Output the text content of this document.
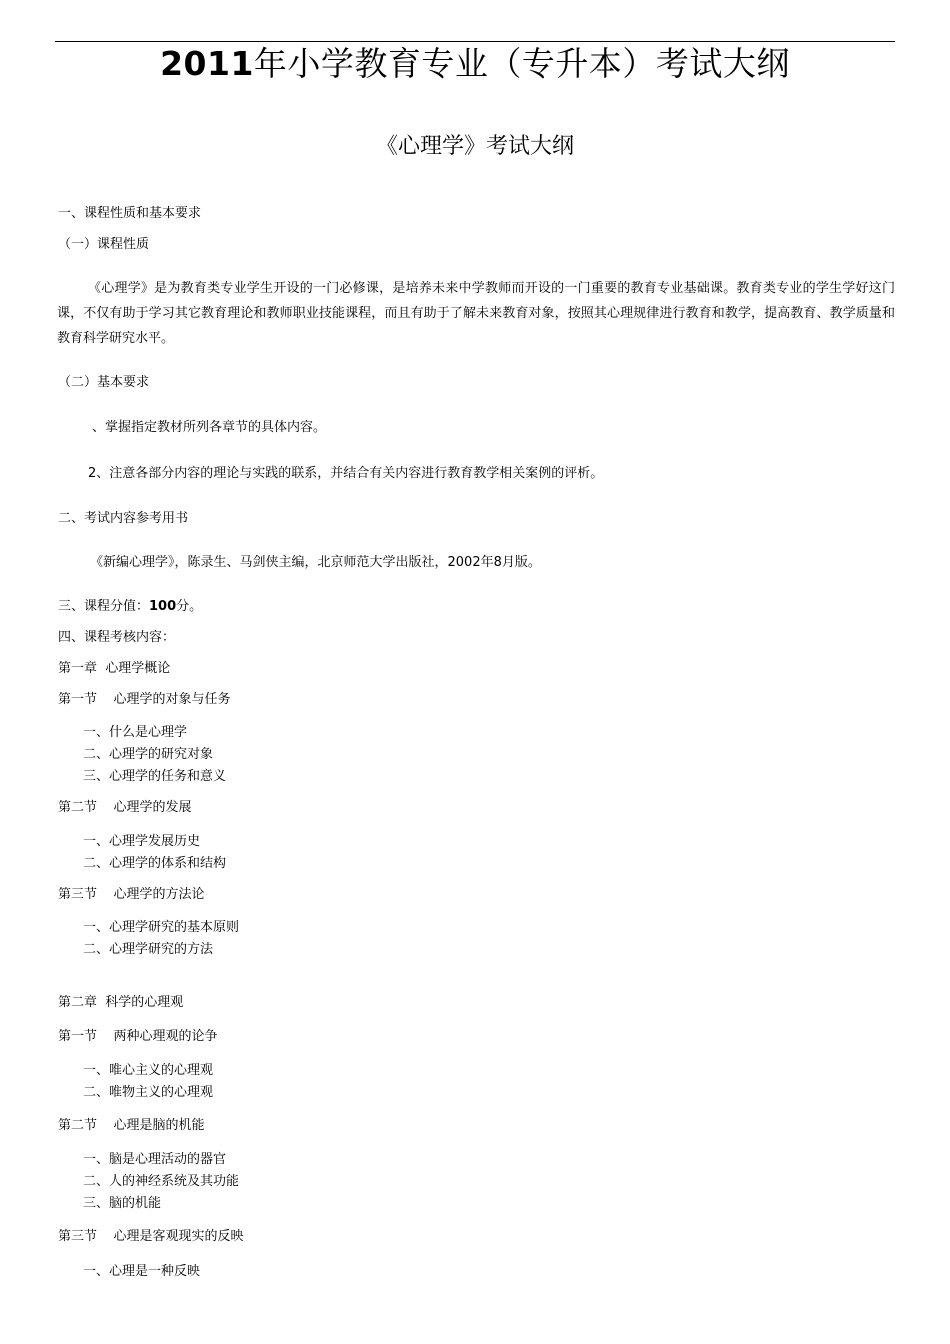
2011年小学教育专业（专升本）考试大纲
《心理学》考试大纲
一、课程性质和基本要求
（一）课程性质
《心理学》是为教育类专业学生开设的一门必修课，是培养未来中学教师而开设的一门重要的教育专业基础课。教育类专业的学生学好这门课，不仅有助于学习其它教育理论和教师职业技能课程，而且有助于了解未来教育对象，按照其心理规律进行教育和教学，提高教育、教学质量和教育科学研究水平。
（二）基本要求
、掌握指定教材所列各章节的具体内容。
2、注意各部分内容的理论与实践的联系，并结合有关内容进行教育教学相关案例的评析。
二、考试内容参考用书
《新编心理学》，陈录生、马剑侠主编，北京师范大学出版社，2002年8月版。
三、课程分值：100分。
四、课程考核内容：
第一章  心理学概论
第一节    心理学的对象与任务
一、什么是心理学
二、心理学的研究对象
三、心理学的任务和意义
第二节    心理学的发展
一、心理学发展历史
二、心理学的体系和结构
第三节    心理学的方法论
一、心理学研究的基本原则
二、心理学研究的方法
第二章  科学的心理观
第一节    两种心理观的论争
一、唯心主义的心理观
二、唯物主义的心理观
第二节    心理是脑的机能
一、脑是心理活动的器官
二、人的神经系统及其功能
三、脑的机能
第三节    心理是客观现实的反映
一、心理是一种反映
